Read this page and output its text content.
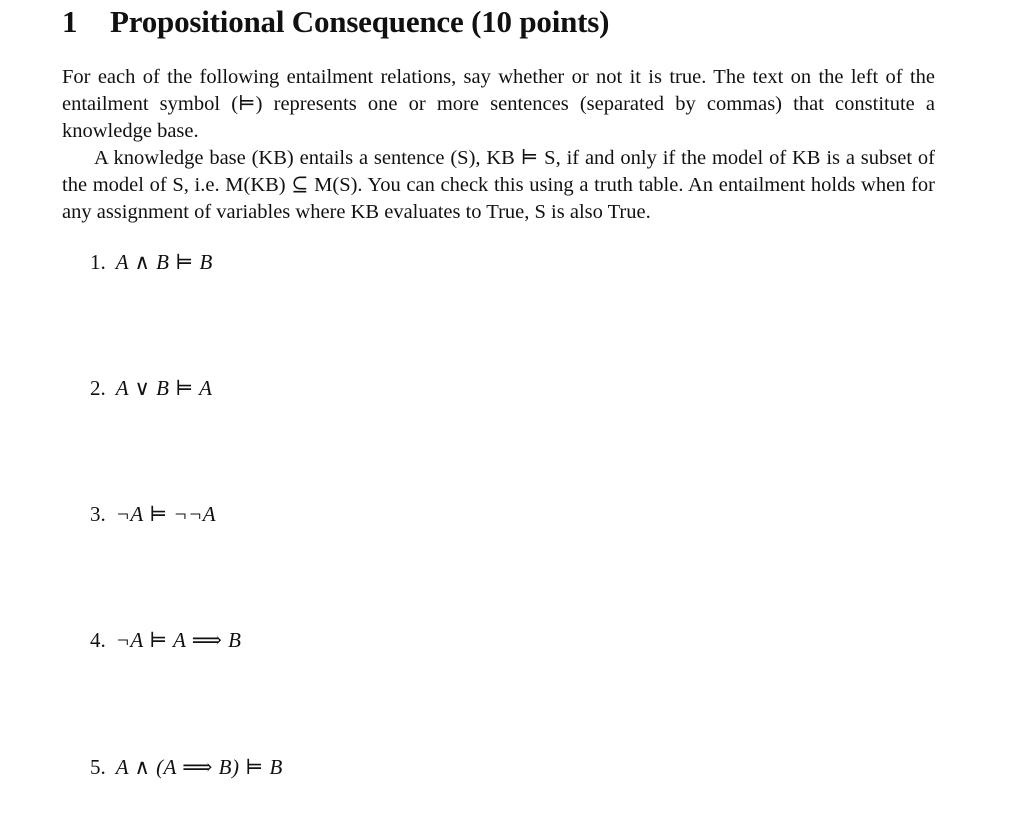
1 Propositional Consequence (10 points)

For each of the following entailment relations, say whether or not it is true. The text on the left of the entailment symbol (⊨) represents one or more sentences (separated by commas) that constitute a knowledge base.

A knowledge base (KB) entails a sentence (S), KB ⊨ S, if and only if the model of KB is a subset of the model of S, i.e. M(KB) ⊆ M(S). You can check this using a truth table. An entailment holds when for any assignment of variables where KB evaluates to True, S is also True.

1. A ∧ B ⊨ B
2. A ∨ B ⊨ A
3. ¬A ⊨ ¬¬A
4. ¬A ⊨ A ⟹ B
5. A ∧ (A ⟹ B) ⊨ B
